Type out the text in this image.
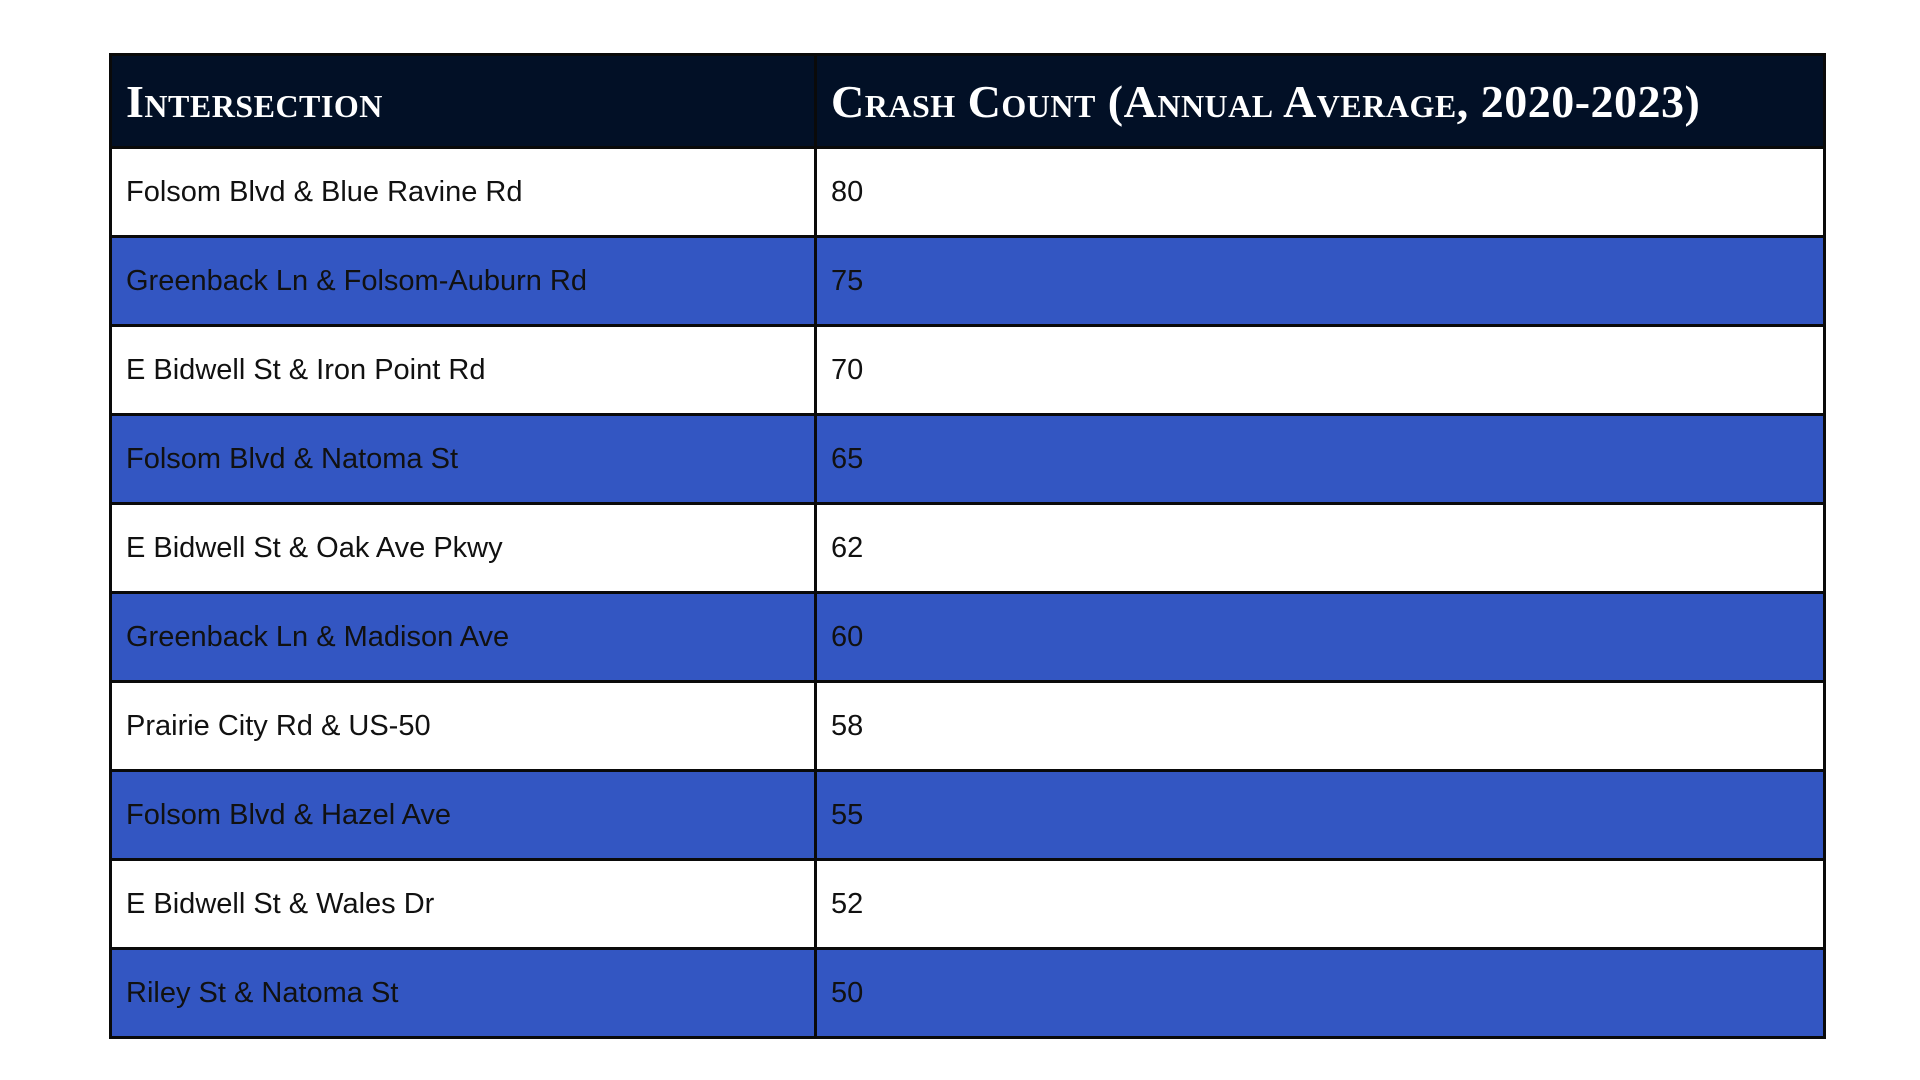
Intersection	Crash Count (Annual Average, 2020-2023)
Folsom Blvd & Blue Ravine Rd	80
Greenback Ln & Folsom-Auburn Rd	75
E Bidwell St & Iron Point Rd	70
Folsom Blvd & Natoma St	65
E Bidwell St & Oak Ave Pkwy	62
Greenback Ln & Madison Ave	60
Prairie City Rd & US-50	58
Folsom Blvd & Hazel Ave	55
E Bidwell St & Wales Dr	52
Riley St & Natoma St	50
